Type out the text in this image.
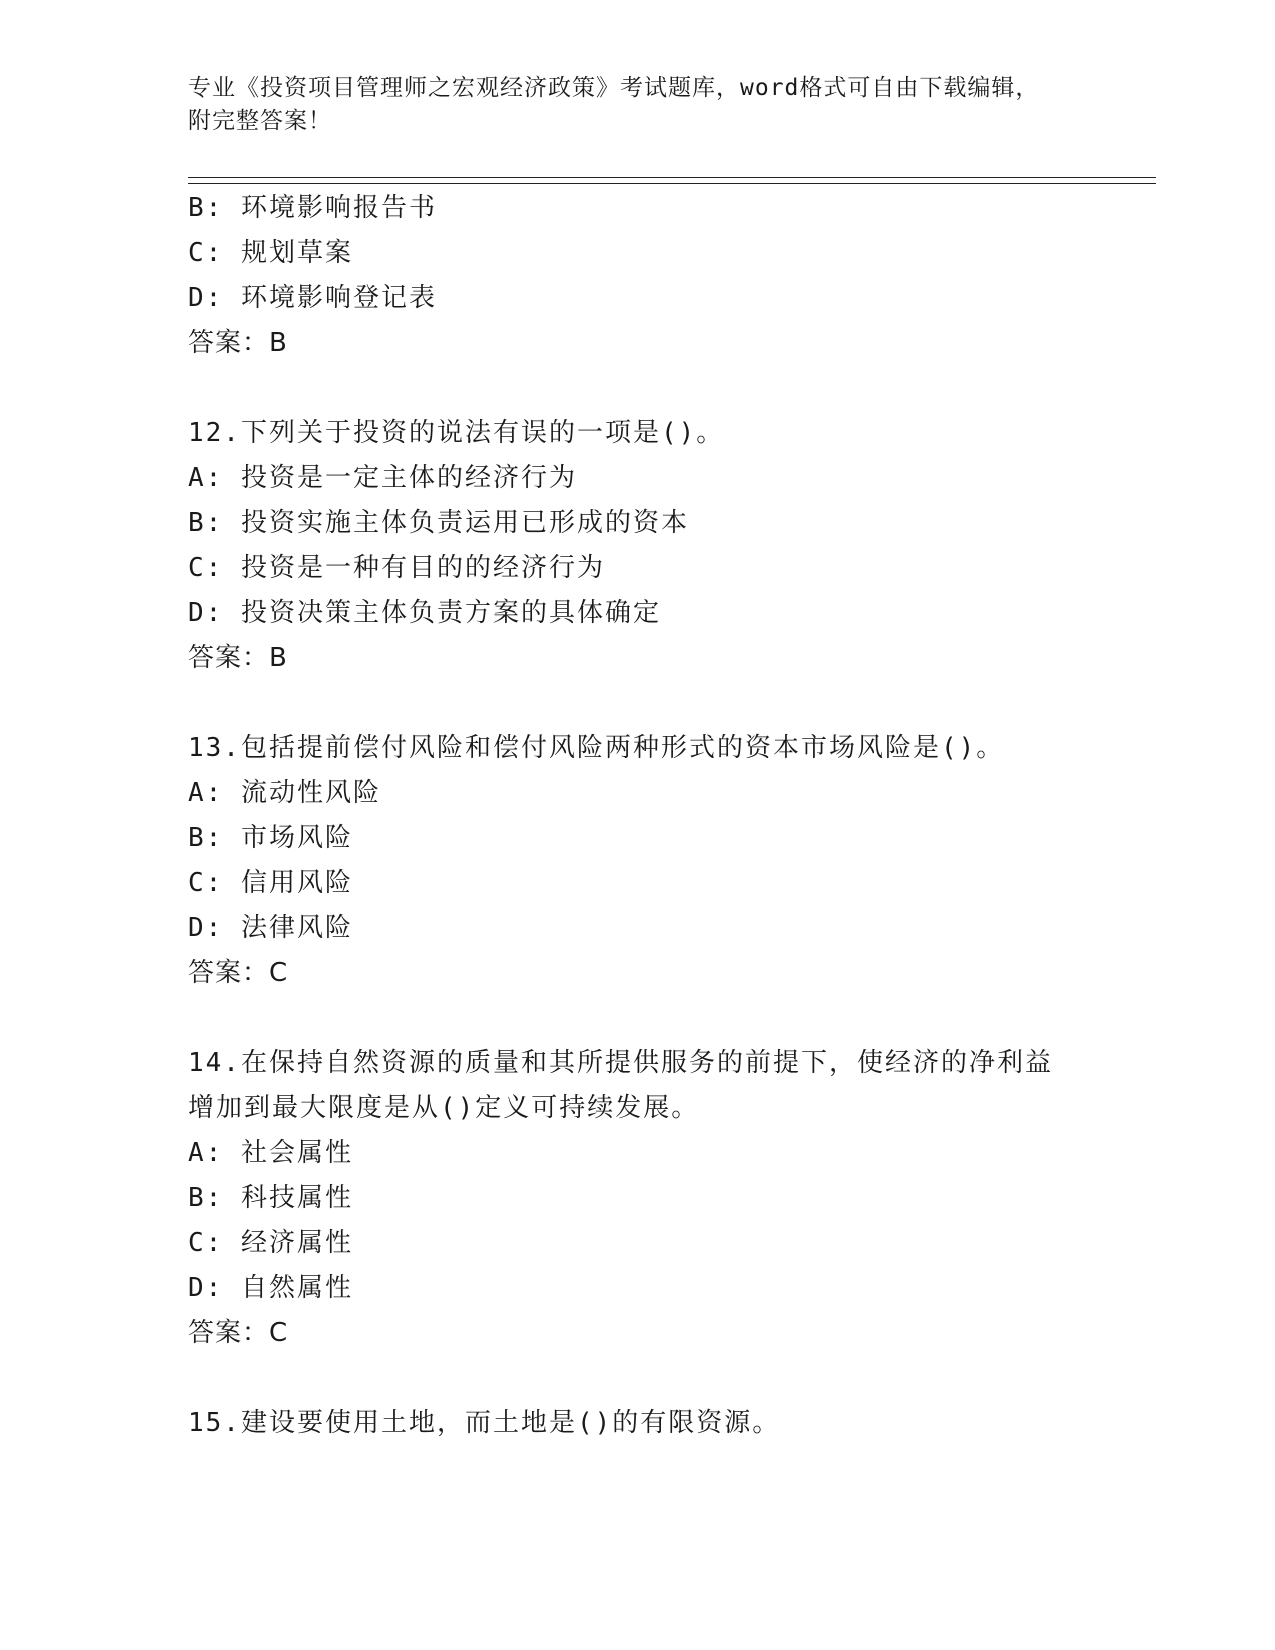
专业《投资项目管理师之宏观经济政策》考试题库，word格式可自由下载编辑，
附完整答案！
B: 环境影响报告书
C: 规划草案
D: 环境影响登记表
答案：B
12.下列关于投资的说法有误的一项是()。
A: 投资是一定主体的经济行为
B: 投资实施主体负责运用已形成的资本
C: 投资是一种有目的的经济行为
D: 投资决策主体负责方案的具体确定
答案：B
13.包括提前偿付风险和偿付风险两种形式的资本市场风险是()。
A: 流动性风险
B: 市场风险
C: 信用风险
D: 法律风险
答案：C
14.在保持自然资源的质量和其所提供服务的前提下，使经济的净利益
增加到最大限度是从()定义可持续发展。
A: 社会属性
B: 科技属性
C: 经济属性
D: 自然属性
答案：C
15.建设要使用土地，而土地是()的有限资源。
